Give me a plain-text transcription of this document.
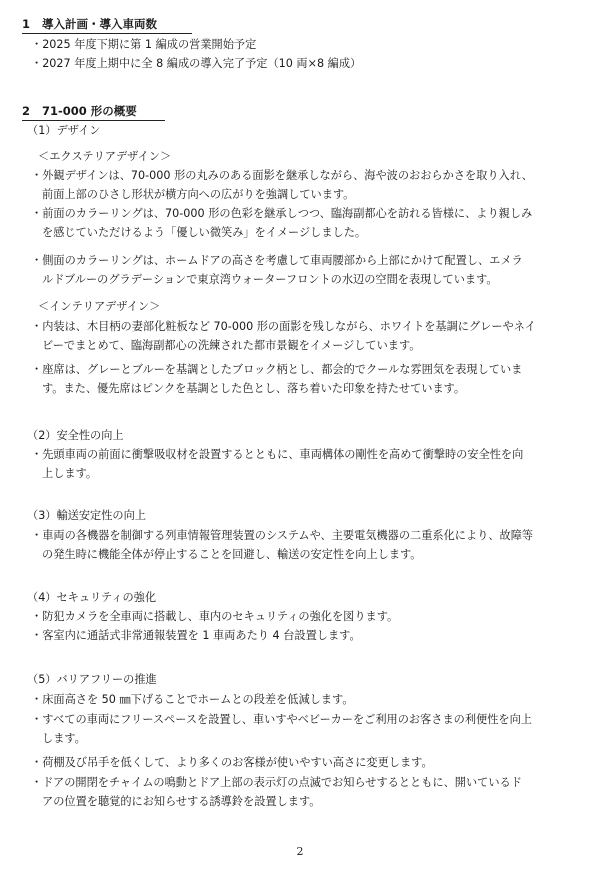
1 導入計画・導入車両数
・2025 年度下期に第 1 編成の営業開始予定
・2027 年度上期中に全 8 編成の導入完了予定（10 両×8 編成）
2 71-000 形の概要
（1）デザイン
＜エクステリアデザイン＞
・外観デザインは、70-000 形の丸みのある面影を継承しながら、海や波のおおらかさを取り入れ、
前面上部のひさし形状が横方向への広がりを強調しています。
・前面のカラーリングは、70-000 形の色彩を継承しつつ、臨海副都心を訪れる皆様に、より親しみ
を感じていただけるよう「優しい微笑み」をイメージしました。
・側面のカラーリングは、ホームドアの高さを考慮して車両腰部から上部にかけて配置し、エメラ
ルドブルーのグラデーションで東京湾ウォーターフロントの水辺の空間を表現しています。
＜インテリアデザイン＞
・内装は、木目柄の妻部化粧板など 70-000 形の面影を残しながら、ホワイトを基調にグレーやネイ
ビーでまとめて、臨海副都心の洗練された都市景観をイメージしています。
・座席は、グレーとブルーを基調としたブロック柄とし、都会的でクールな雰囲気を表現していま
す。また、優先席はピンクを基調とした色とし、落ち着いた印象を持たせています。
（2）安全性の向上
・先頭車両の前面に衝撃吸収材を設置するとともに、車両構体の剛性を高めて衝撃時の安全性を向
上します。
（3）輸送安定性の向上
・車両の各機器を制御する列車情報管理装置のシステムや、主要電気機器の二重系化により、故障等
の発生時に機能全体が停止することを回避し、輸送の安定性を向上します。
（4）セキュリティの強化
・防犯カメラを全車両に搭載し、車内のセキュリティの強化を図ります。
・客室内に通話式非常通報装置を 1 車両あたり 4 台設置します。
（5）バリアフリーの推進
・床面高さを 50 ㎜下げることでホームとの段差を低減します。
・すべての車両にフリースペースを設置し、車いすやベビーカーをご利用のお客さまの利便性を向上
します。
・荷棚及び吊手を低くして、より多くのお客様が使いやすい高さに変更します。
・ドアの開閉をチャイムの鳴動とドア上部の表示灯の点滅でお知らせするとともに、開いているド
アの位置を聴覚的にお知らせする誘導鈴を設置します。
2
